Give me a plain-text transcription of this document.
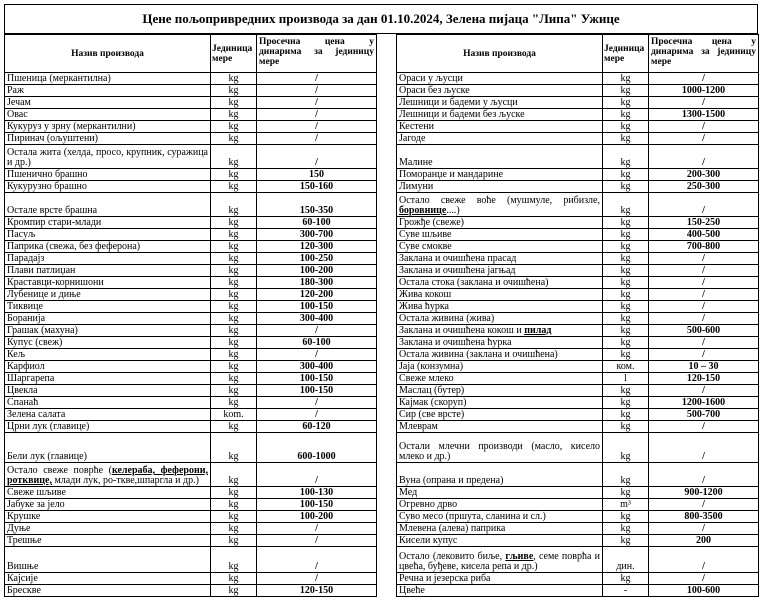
Цене пољопривредних производа за дан 01.10.2024, Зелена пијаца "Липа" Ужице
Назив производа	Јединица мере	Просечна цена у динарима за јединицу мере
Пшеница (меркантилна)	kg	/
Раж	kg	/
Јечам	kg	/
Овас	kg	/
Кукуруз у зрну (меркантилни)	kg	/
Пиринач (ољуштени)	kg	/
Остала жита (хелдa, просо, крупник, суражица и др.)	kg	/
Пшенично брашно	kg	150
Кукурузно брашно	kg	150-160
Остале врсте брашна	kg	150-350
Кромпир стари-млади	kg	60-100
Пасуљ	kg	300-700
Паприка (свежа, без феферона)	kg	120-300
Парадајз	kg	100-250
Плави патлиџан	kg	100-200
Краставци-корнишони	kg	180-300
Лубенице и диње	kg	120-200
Тиквице	kg	100-150
Боранија	kg	300-400
Грашак (махуна)	kg	/
Купус (свеж)	kg	60-100
Кељ	kg	/
Карфиол	kg	300-400
Шаргарепа	kg	100-150
Цвекла	kg	100-150
Спанаћ	kg	/
Зелена салата	kom.	/
Црни лук (главице)	kg	60-120
Бели лук (главице)	kg	600-1000
Остало свеже поврће (келераба, феферони, ротквице, млади лук, ро-ткве,шпаргла и др.)	kg	/
Свеже шљиве	kg	100-130
Јабуке за јело	kg	100-150
Крушке	kg	100-200
Дуње	kg	/
Трешње	kg	/
Вишње	kg	/
Кајсије	kg	/
Бресквe	kg	120-150
Назив производа	Јединица мере	Просечна цена у динарима за јединицу мере
Ораси у љусци	kg	/
Ораси без љуске	kg	1000-1200
Лешници и бадеми у љусци	kg	/
Лешници и бадеми без љуске	kg	1300-1500
Кестени	kg	/
Јагоде	kg	/
Малине	kg	/
Поморанџе и мандарине	kg	200-300
Лимуни	kg	250-300
Остало свеже воће (мушмуле, рибизле, боровнице....)	kg	/
Грожђе (свеже)	kg	150-250
Суве шљиве	kg	400-500
Суве смокве	kg	700-800
Заклана и очишћена прасад	kg	/
Заклана и очишћена јагњад	kg	/
Остала стока (заклана и очишћена)	kg	/
Жива кокош	kg	/
Жива ћурка	kg	/
Остала живина (жива)	kg	/
Заклана и очишћена кокош и пилад	kg	500-600
Заклана и очишћена ћурка	kg	/
Остала живина (заклана и очишћена)	kg	/
Јаја (конзумна)	ком.	10 – 30
Свеже млеко	l	120-150
Маслац (бутер)	kg	/
Кајмак (скоруп)	kg	1200-1600
Сир (све врсте)	kg	500-700
Млеврам	kg	/
Остали млечни производи (масло, кисело млеко и др.)	kg	/
Вуна (опрана и предена)	kg	/
Мед	kg	900-1200
Огревно дрво	m³	/
Сувo месо (пршута, сланина и сл.)	kg	800-3500
Млевена (алева) паприка	kg	/
Кисели купус	kg	200
Остало (лековито биље, гљиве, семе поврћа и цвећа, буђеве, кисела репа и др.)	дин.	/
Речна и језерска риба	kg	/
Цвеће	-	100-600
